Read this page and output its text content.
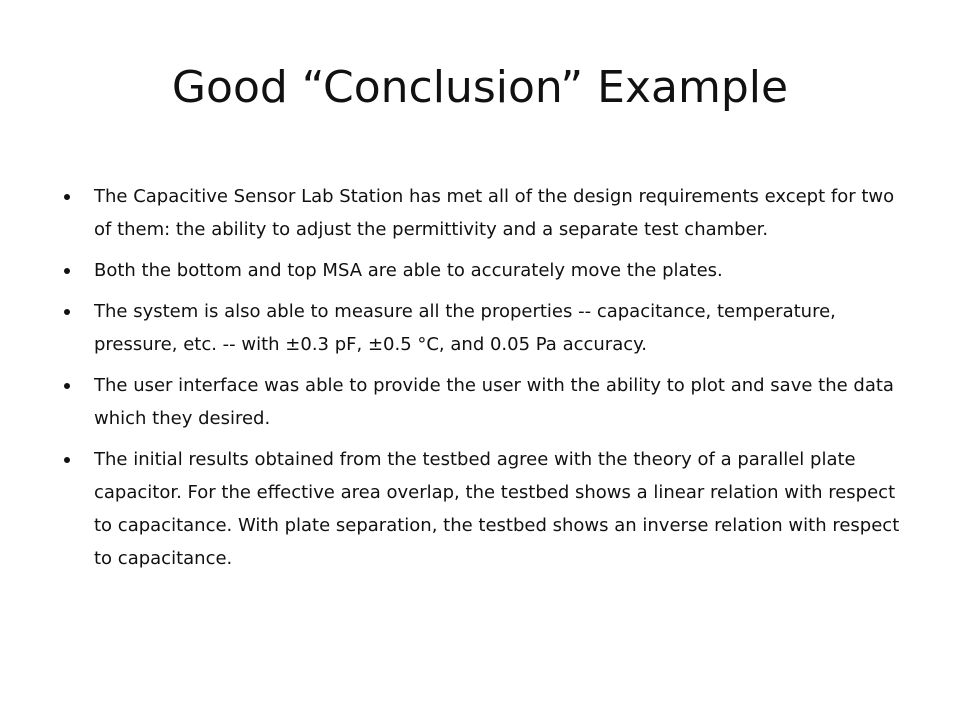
Good “Conclusion” Example
The Capacitive Sensor Lab Station has met all of the design requirements except for two of them: the ability to adjust the permittivity and a separate test chamber.
Both the bottom and top MSA are able to accurately move the plates.
The system is also able to measure all the properties -- capacitance, temperature, pressure, etc. -- with ±0.3 pF, ±0.5 °C, and 0.05 Pa accuracy.
The user interface was able to provide the user with the ability to plot and save the data which they desired.
The initial results obtained from the testbed agree with the theory of a parallel plate capacitor. For the effective area overlap, the testbed shows a linear relation with respect to capacitance. With plate separation, the testbed shows an inverse relation with respect to capacitance.
